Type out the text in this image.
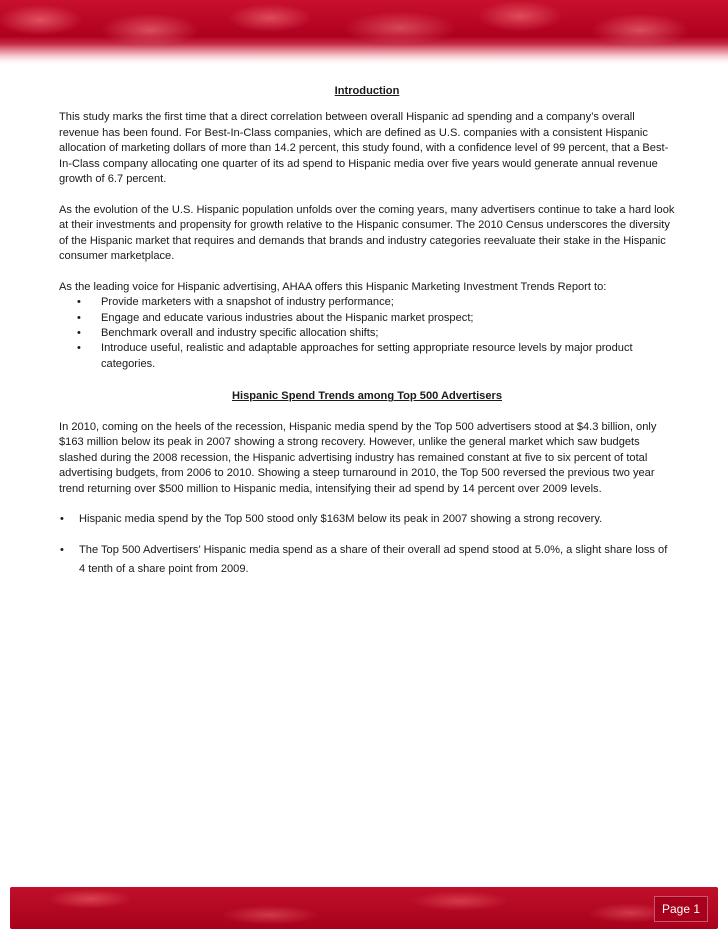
Introduction

This study marks the first time that a direct correlation between overall Hispanic ad spending and a company’s overall revenue has been found. For Best-In-Class companies, which are defined as U.S. companies with a consistent Hispanic allocation of marketing dollars of more than 14.2 percent, this study found, with a confidence level of 99 percent, that a Best-In-Class company allocating one quarter of its ad spend to Hispanic media over five years would generate annual revenue growth of 6.7 percent.

As the evolution of the U.S. Hispanic population unfolds over the coming years, many advertisers continue to take a hard look at their investments and propensity for growth relative to the Hispanic consumer. The 2010 Census underscores the diversity of the Hispanic market that requires and demands that brands and industry categories reevaluate their stake in the Hispanic consumer marketplace.

As the leading voice for Hispanic advertising, AHAA offers this Hispanic Marketing Investment Trends Report to:

• Provide marketers with a snapshot of industry performance;
• Engage and educate various industries about the Hispanic market prospect;
• Benchmark overall and industry specific allocation shifts;
• Introduce useful, realistic and adaptable approaches for setting appropriate resource levels by major product categories.

Hispanic Spend Trends among Top 500 Advertisers

In 2010, coming on the heels of the recession, Hispanic media spend by the Top 500 advertisers stood at $4.3 billion, only $163 million below its peak in 2007 showing a strong recovery. However, unlike the general market which saw budgets slashed during the 2008 recession, the Hispanic advertising industry has remained constant at five to six percent of total advertising budgets, from 2006 to 2010. Showing a steep turnaround in 2010, the Top 500 reversed the previous two year trend returning over $500 million to Hispanic media, intensifying their ad spend by 14 percent over 2009 levels.

• Hispanic media spend by the Top 500 stood only $163M below its peak in 2007 showing a strong recovery.

• The Top 500 Advertisers’ Hispanic media spend as a share of their overall ad spend stood at 5.0%, a slight share loss of 4 tenth of a share point from 2009.

Page 1
